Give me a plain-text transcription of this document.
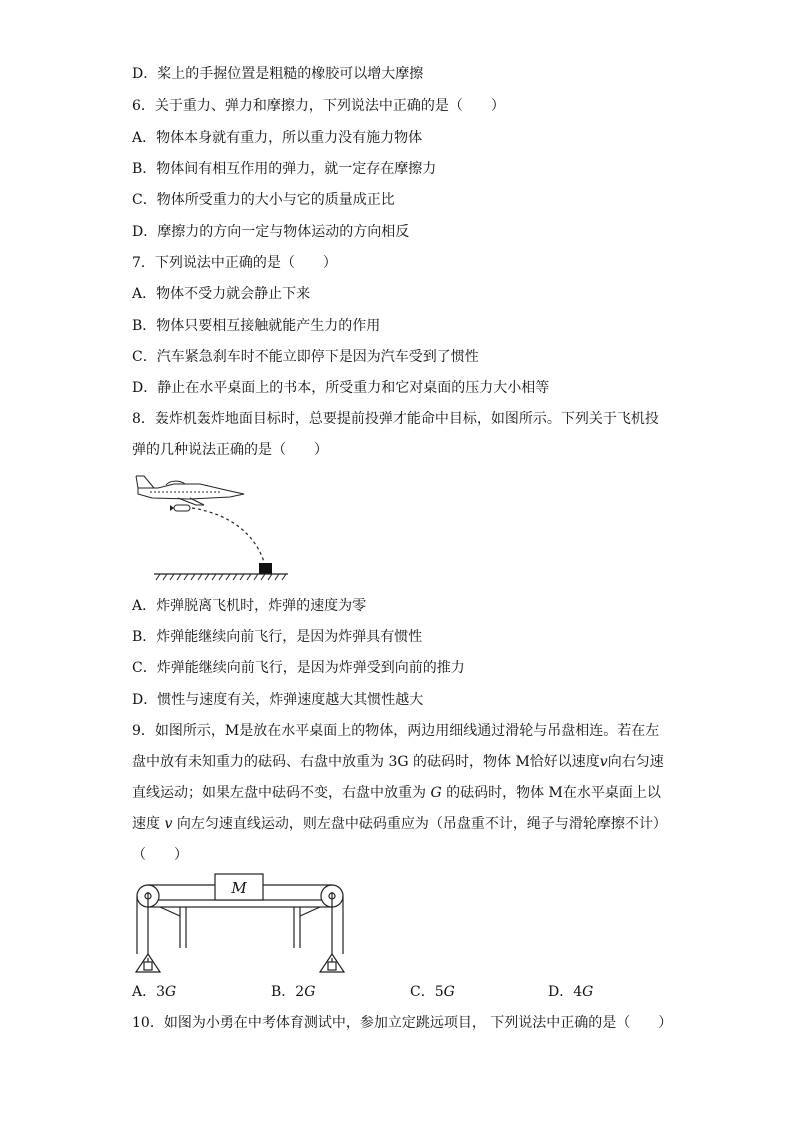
D．桨上的手握位置是粗糙的橡胶可以增大摩擦
6．关于重力、弹力和摩擦力，下列说法中正确的是（　　）
A．物体本身就有重力，所以重力没有施力物体
B．物体间有相互作用的弹力，就一定存在摩擦力
C．物体所受重力的大小与它的质量成正比
D．摩擦力的方向一定与物体运动的方向相反
7．下列说法中正确的是（　　）
A．物体不受力就会静止下来
B．物体只要相互接触就能产生力的作用
C．汽车紧急刹车时不能立即停下是因为汽车受到了惯性
D．静止在水平桌面上的书本，所受重力和它对桌面的压力大小相等
8．轰炸机轰炸地面目标时，总要提前投弹才能命中目标，如图所示。下列关于飞机投
弹的几种说法正确的是（　　）
A．炸弹脱离飞机时，炸弹的速度为零
B．炸弹能继续向前飞行，是因为炸弹具有惯性
C．炸弹能继续向前飞行，是因为炸弹受到向前的推力
D．惯性与速度有关，炸弹速度越大其惯性越大
9．如图所示，M是放在水平桌面上的物体，两边用细线通过滑轮与吊盘相连。若在左
盘中放有未知重力的砝码、右盘中放重为 3G 的砝码时，物体 M恰好以速度v向右匀速
直线运动；如果左盘中砝码不变，右盘中放重为 G 的砝码时，物体 M在水平桌面上以
速度 v 向左匀速直线运动，则左盘中砝码重应为（吊盘重不计，绳子与滑轮摩擦不计）
（　　）
M
A．3G	B．2G	C．5G	D．4G
10．如图为小勇在中考体育测试中，参加立定跳远项目， 下列说法中正确的是（　　）
